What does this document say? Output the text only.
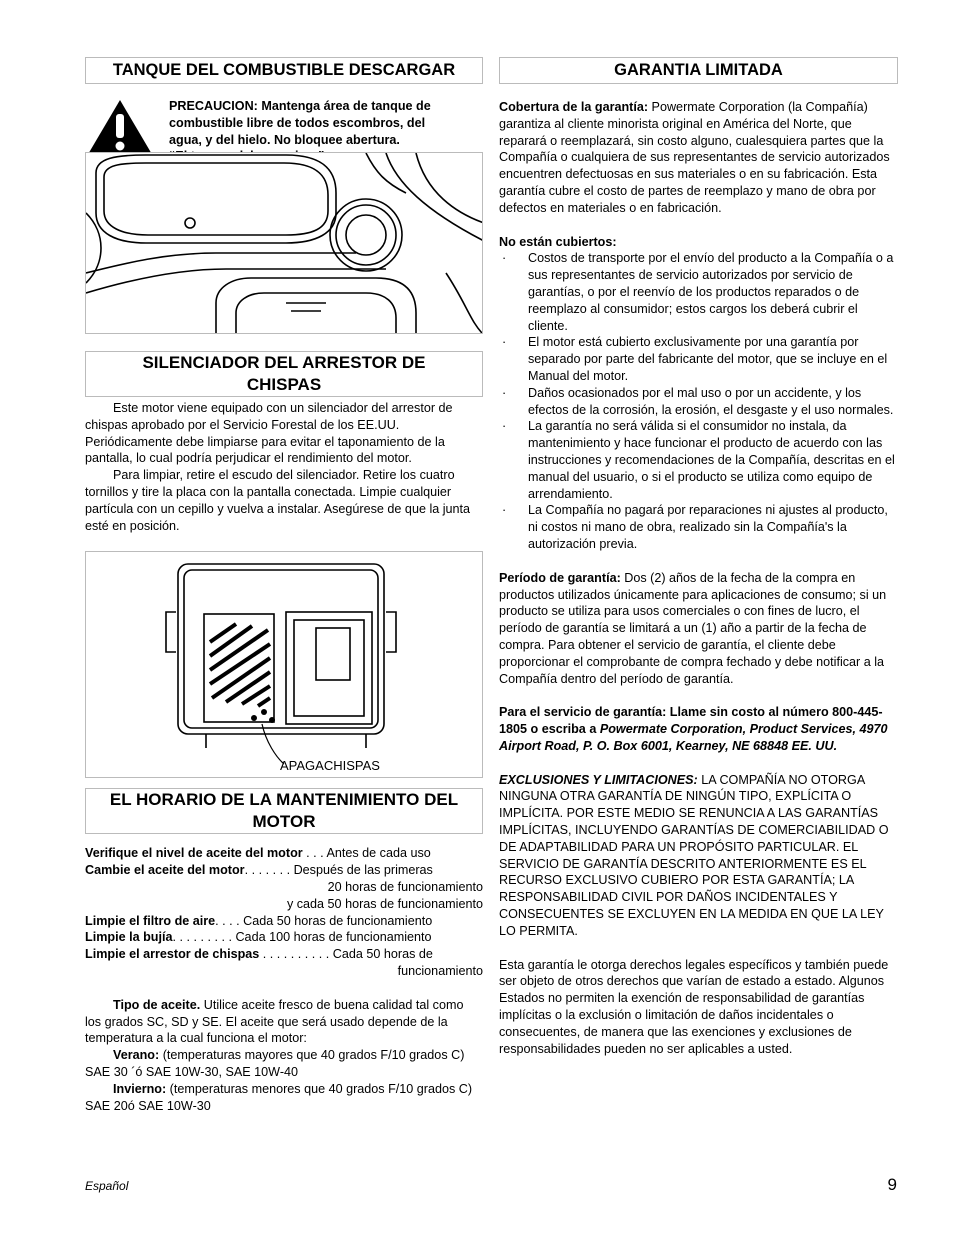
TANQUE DEL COMBUSTIBLE DESCARGAR
PRECAUCION: Mantenga área de tanque de
combustible libre de todos escombros, del
agua, y del hielo. No bloquee abertura.
SILENCIADOR DEL ARRESTOR DE
CHISPAS

Este motor viene equipado con un silenciador del arrestor de chispas aprobado por el Servicio Forestal de los EE.UU. Periódicamente debe limpiarse para evitar el taponamiento de la pantalla, lo cual podría perjudicar el rendimiento del motor.

Para limpiar, retire el escudo del silenciador. Retire los cuatro tornillos y tire la placa con la pantalla conectada. Limpie cualquier partícula con un cepillo y vuelva a instalar. Asegúrese de que la junta esté en posición.

APAGACHISPAS
EL HORARIO DE LA MANTENIMIENTO DEL
MOTOR
Verifique el nivel de aceite del motor . . . Antes de cada uso
Cambie el aceite del motor. . . . . . . Después de las primeras
20 horas de funcionamiento
y cada 50 horas de funcionamiento
Limpie el filtro de aire. . . . Cada 50 horas de funcionamiento
Limpie la bujía. . . . . . . . . Cada 100 horas de funcionamiento
Limpie el arrestor de chispas . . . . . . . . . . Cada 50 horas de
funcionamiento

Tipo de aceite. Utilice aceite fresco de buena calidad tal como los grados SC, SD y SE. El aceite que será usado depende de la temperatura a la cual funciona el motor:

Verano: (temperaturas mayores que 40 grados F/10 grados C) SAE 30 ´ó SAE 10W-30, SAE 10W-40

Invierno: (temperaturas menores que 40 grados F/10 grados C) SAE 20ó SAE 10W-30

GARANTIA LIMITADA

Cobertura de la garantía: Powermate Corporation (la Compañía) garantiza al cliente minorista original en América del Norte, que reparará o reemplazará, sin costo alguno, cualesquiera partes que la Compañía o cualquiera de sus representantes de servicio autorizados encuentren defectuosas en sus materiales o en su fabricación. Esta garantía cubre el costo de partes de reemplazo y mano de obra por defectos en materiales o en fabricación.

No están cubiertos:

· Costos de transporte por el envío del producto a la Compañía o a sus representantes de servicio autorizados por servicio de garantías, o por el reenvío de los productos reparados o de reemplazo al consumidor; estos cargos los deberá cubrir el cliente.
· El motor está cubierto exclusivamente por una garantía por separado por parte del fabricante del motor, que se incluye en el Manual del motor.
· Daños ocasionados por el mal uso o por un accidente, y los efectos de la corrosión, la erosión, el desgaste y el uso normales.
· La garantía no será válida si el consumidor no instala, da mantenimiento y hace funcionar el producto de acuerdo con las instrucciones y recomendaciones de la Compañía, descritas en el manual del usuario, o si el producto se utiliza como equipo de arrendamiento.
· La Compañía no pagará por reparaciones ni ajustes al producto, ni costos ni mano de obra, realizado sin la Compañía's la autorización previa.

Período de garantía: Dos (2) años de la fecha de la compra en productos utilizados únicamente para aplicaciones de consumo; si un producto se utiliza para usos comerciales o con fines de lucro, el período de garantía se limitará a un (1) año a partir de la fecha de compra. Para obtener el servicio de garantía, el cliente debe proporcionar el comprobante de compra fechado y debe notificar a la Compañía dentro del período de garantía.

Para el servicio de garantía: Llame sin costo al número 800-445-1805 o escriba a Powermate Corporation, Product Services, 4970 Airport Road, P. O. Box 6001, Kearney, NE 68848 EE. UU.

EXCLUSIONES Y LIMITACIONES: LA COMPAÑÍA NO OTORGA NINGUNA OTRA GARANTÍA DE NINGÚN TIPO, EXPLÍCITA O IMPLÍCITA. POR ESTE MEDIO SE RENUNCIA A LAS GARANTÍAS IMPLÍCITAS, INCLUYENDO GARANTÍAS DE COMERCIABILIDAD O DE ADAPTABILIDAD PARA UN PROPÓSITO PARTICULAR. EL SERVICIO DE GARANTÍA DESCRITO ANTERIORMENTE ES EL RECURSO EXCLUSIVO CUBIERO POR ESTA GARANTÍA; LA RESPONSABILIDAD CIVIL POR DAÑOS INCIDENTALES Y CONSECUENTES SE EXCLUYEN EN LA MEDIDA EN QUE LA LEY LO PERMITA.

Esta garantía le otorga derechos legales específicos y también puede ser objeto de otros derechos que varían de estado a estado. Algunos Estados no permiten la exención de responsabilidad de garantías implícitas o la exclusión o limitación de daños incidentales o consecuentes, de manera que las exenciones y exclusiones de responsabilidades pueden no ser aplicables a usted.

Español	9
